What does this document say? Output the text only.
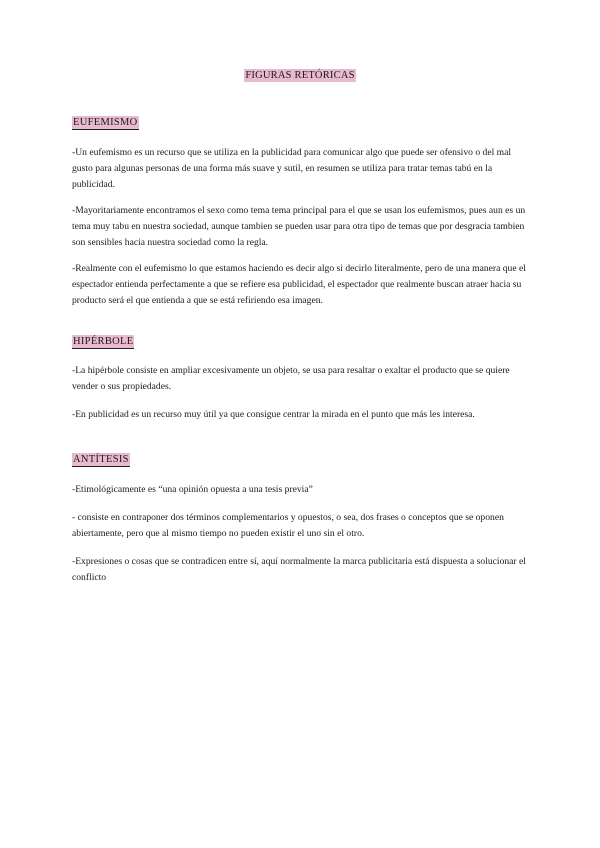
FIGURAS RETÓRICAS
EUFEMISMO
-Un eufemismo es un recurso que se utiliza en la publicidad para comunicar algo que puede ser ofensivo o del mal gusto para algunas personas de una forma más suave y sutil, en resumen se utiliza para tratar temas tabú en la publicidad.
-Mayoritariamente encontramos el sexo como tema tema principal para el que se usan los eufemismos, pues aun es un tema muy tabu en nuestra sociedad, aunque tambien se pueden usar para otra tipo de temas que por desgracia tambien son sensibles hacia nuestra sociedad como la regla.
-Realmente con el eufemismo lo que estamos haciendo es decir algo si decirlo literalmente, pero de una manera que el espectador entienda perfectamente a que se refiere esa publicidad, el espectador que realmente buscan atraer hacia su producto será el que entienda a que se está refiriendo esa imagen.
HIPÉRBOLE
-La hipérbole consiste en ampliar excesivamente un objeto, se usa para resaltar o exaltar el producto que se quiere vender o sus propiedades.
-En publicidad es un recurso muy útil ya que consigue centrar la mirada en el punto que más les interesa.
ANTÍTESIS
-Etimológicamente es “una opinión opuesta a una tesis previa”
- consiste en contraponer dos términos complementarios y opuestos, o sea, dos frases o conceptos que se oponen abiertamente, pero que al mismo tiempo no pueden existir el uno sin el otro.
-Expresiones o cosas que se contradicen entre sí, aquí normalmente la marca publicitaria está dispuesta a solucionar el conflicto
